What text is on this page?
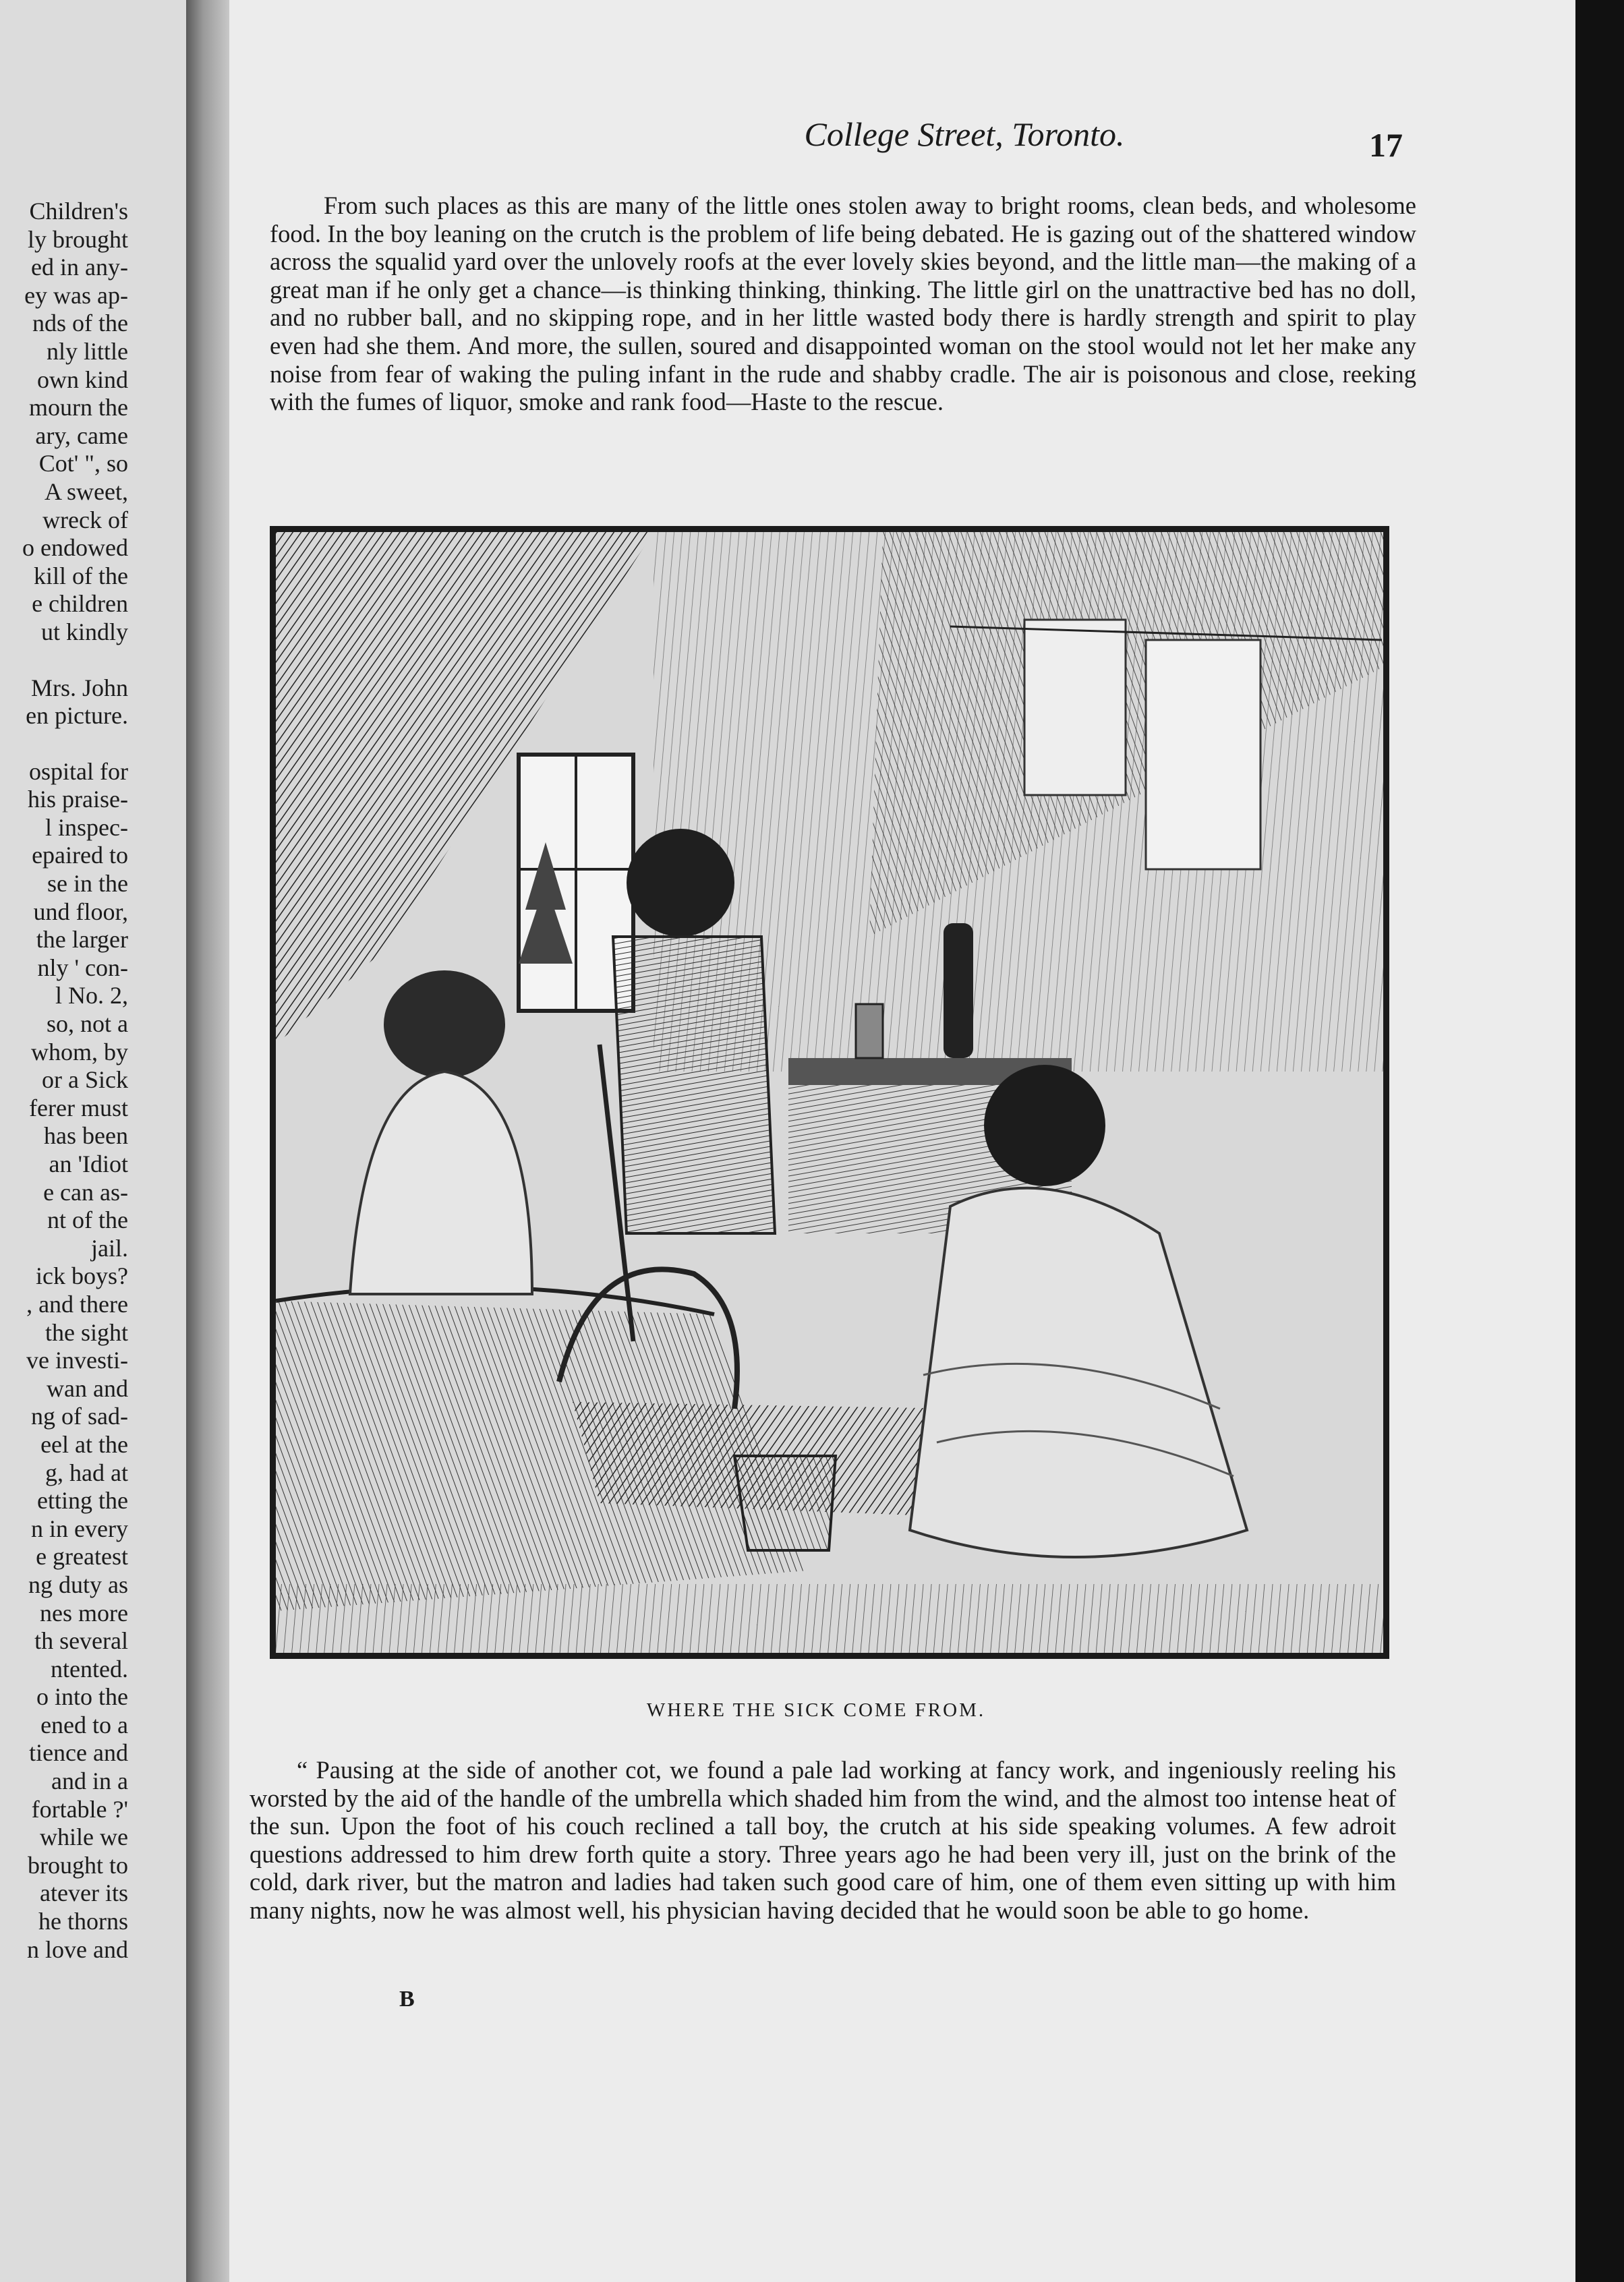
Children's
ly brought
ed in any-
ey was ap-
nds of the
nly little
own kind
mourn the
ary, came
Cot' ", so
A sweet,
wreck of
o endowed
kill of the
e children
ut kindly
Mrs. John
en picture.
ospital for
his praise-
l inspec-
epaired to
se in the
und floor,
the larger
nly ' con-
l No. 2,
so, not a
whom, by
or a Sick
ferer must
has been
an 'Idiot
e can as-
nt of the
jail.
ick boys?
, and there
the sight
ve investi-
wan and
ng of sad-
eel at the
g, had at
etting the
n in every
e greatest
ng duty as
nes more
th several
ntented.
o into the
ened to a
tience and
and in a
fortable ?'
while we
brought to
atever its
he thorns
n love and
College Street, Toronto.	17

From such places as this are many of the little ones stolen away to bright rooms, clean beds, and wholesome food. In the boy leaning on the crutch is the problem of life being debated. He is gazing out of the shattered window across the squalid yard over the unlovely roofs at the ever lovely skies beyond, and the little man—the making of a great man if he only get a chance—is thinking thinking, thinking. The little girl on the unattractive bed has no doll, and no rubber ball, and no skipping rope, and in her little wasted body there is hardly strength and spirit to play even had she them. And more, the sullen, soured and disappointed woman on the stool would not let her make any noise from fear of waking the puling infant in the rude and shabby cradle. The air is poisonous and close, reeking with the fumes of liquor, smoke and rank food—Haste to the rescue.

WHERE THE SICK COME FROM.

“ Pausing at the side of another cot, we found a pale lad working at fancy work, and ingeniously reeling his worsted by the aid of the handle of the umbrella which shaded him from the wind, and the almost too intense heat of the sun. Upon the foot of his couch reclined a tall boy, the crutch at his side speaking volumes. A few adroit questions addressed to him drew forth quite a story. Three years ago he had been very ill, just on the brink of the cold, dark river, but the matron and ladies had taken such good care of him, one of them even sitting up with him many nights, now he was almost well, his physician having decided that he would soon be able to go home.

B
